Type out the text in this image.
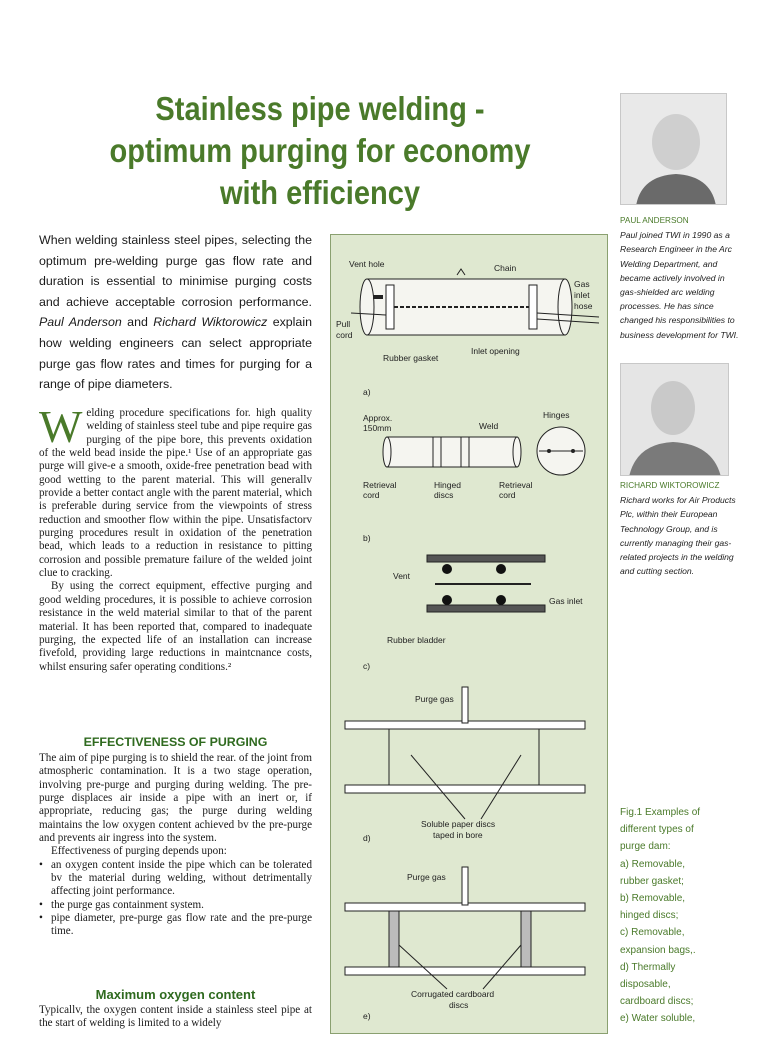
Stainless pipe welding -
optimum purging for economy
with efficiency
When welding stainless steel pipes, selecting the optimum pre-welding purge gas flow rate and duration is essential to minimise purging costs and achieve acceptable corrosion performance. Paul Anderson and Richard Wiktorowicz explain how welding engineers can select appropriate purge gas flow rates and times for purging for a range of pipe diameters.
W elding procedure specifications for. high quality welding of stainless steel tube and pipe require gas purging of the pipe bore, this prevents oxidation of the weld bead inside the pipe.¹ Use of an appropriate gas purge will give-e a smooth, oxide-free penetration bead with good wetting to the parent material. This will generallv provide a better contact angle with the parent material, which is preferable during service from the viewpoints of stress reduction and smoother flow within the pipe. Unsatisfactorv purging procedures result in oxidation of the penetration bead, which leads to a reduction in resistance to pitting corrosion and possible premature failure of the welded joint clue to cracking.
By using the correct equipment, effective purging and good welding procedures, it is possible to achieve corrosion resistance in the weld material similar to that of the parent material. It has been reported that, compared to inadequate purging, the expected life of an installation can increase fivefold, providing large reductions in maintcnance costs, whilst ensuring safer operating conditions.²
EFFECTIVENESS OF PURGING
The aim of pipe purging is to shield the rear. of the joint from atmospheric contamination. It is a two stage operation, involving pre-purge and purging during welding. The pre-purge displaces air inside a pipe with an inert or, if appropriate, reducing gas; the purge during welding maintains the low oxygen content achieved bv the pre-purge and prevents air ingress into the system.
Effectiveness of purging depends upon:
• an oxygen content inside the pipe which can be tolerated bv the material during welding, without detrimentally affecting joint performance.
• the purge gas containment system.
• pipe diameter, pre-purge gas flow rate and the pre-purge time.
Maximum oxygen content
Typicallv, the oxygen content inside a stainless steel pipe at the start of welding is limited to a widely
Vent hole	Chain
Gas
inlet
hose
Pull
cord
Rubber gasket
Inlet opening
a)
Approx.
150mm	Weld
Hinges
Retrieval
cord
Hinged
discs
Retrieval
cord
b)
Vent
Gas inlet
Rubber bladder
c)
Purge gas
Soluble paper discs
taped in bore
d)
Purge gas
Corrugated cardboard
discs
e)
PAUL ANDERSON
Paul joined TWI in 1990 as a Research Engineer in the Arc Welding Department, and became actively involved in gas-shielded arc welding processes. He has since changed his responsibilities to business development for TWI.
RICHARD WIKTOROWICZ
Richard works for Air Products Plc, within their European Technology Group, and is currently managing their gas-related projects in the welding and cutting section.
Fig.1 Examples of
different types of
purge dam:
a) Removable,
rubber gasket;
b) Removable,
hinged discs;
c) Removable,
expansion bags,.
d) Thermally
disposable,
cardboard discs;
e) Water soluble,
